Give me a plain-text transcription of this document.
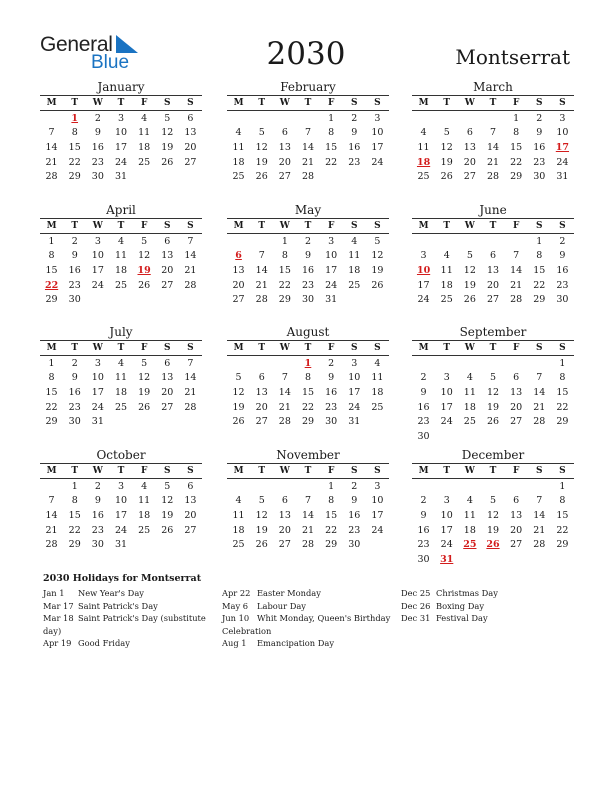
General
Blue	2030	Montserrat
January
M	T	W	T	F	S	S
	1	2	3	4	5	6
7	8	9	10	11	12	13
14	15	16	17	18	19	20
21	22	23	24	25	26	27
28	29	30	31			
February
M	T	W	T	F	S	S
				1	2	3
4	5	6	7	8	9	10
11	12	13	14	15	16	17
18	19	20	21	22	23	24
25	26	27	28			
March
M	T	W	T	F	S	S
				1	2	3
4	5	6	7	8	9	10
11	12	13	14	15	16	17
18	19	20	21	22	23	24
25	26	27	28	29	30	31
April
M	T	W	T	F	S	S
1	2	3	4	5	6	7
8	9	10	11	12	13	14
15	16	17	18	19	20	21
22	23	24	25	26	27	28
29	30					
May
M	T	W	T	F	S	S
		1	2	3	4	5
6	7	8	9	10	11	12
13	14	15	16	17	18	19
20	21	22	23	24	25	26
27	28	29	30	31		
June
M	T	W	T	F	S	S
					1	2
3	4	5	6	7	8	9
10	11	12	13	14	15	16
17	18	19	20	21	22	23
24	25	26	27	28	29	30
July
M	T	W	T	F	S	S
1	2	3	4	5	6	7
8	9	10	11	12	13	14
15	16	17	18	19	20	21
22	23	24	25	26	27	28
29	30	31				
August
M	T	W	T	F	S	S
			1	2	3	4
5	6	7	8	9	10	11
12	13	14	15	16	17	18
19	20	21	22	23	24	25
26	27	28	29	30	31	
September
M	T	W	T	F	S	S
						1
2	3	4	5	6	7	8
9	10	11	12	13	14	15
16	17	18	19	20	21	22
23	24	25	26	27	28	29
30						
October
M	T	W	T	F	S	S
	1	2	3	4	5	6
7	8	9	10	11	12	13
14	15	16	17	18	19	20
21	22	23	24	25	26	27
28	29	30	31			
November
M	T	W	T	F	S	S
				1	2	3
4	5	6	7	8	9	10
11	12	13	14	15	16	17
18	19	20	21	22	23	24
25	26	27	28	29	30	
December
M	T	W	T	F	S	S
						1
2	3	4	5	6	7	8
9	10	11	12	13	14	15
16	17	18	19	20	21	22
23	24	25	26	27	28	29
30	31					
2030 Holidays for Montserrat
Jan 1	New Year's Day
Mar 17 Saint Patrick's Day
Mar 18 Saint Patrick's Day (substitute day)
Apr 19 Good Friday
Apr 22 Easter Monday
May 6	Labour Day
Jun 10 Whit Monday, Queen's Birthday Celebration
Aug 1	Emancipation Day
Dec 25 Christmas Day
Dec 26 Boxing Day
Dec 31 Festival Day
